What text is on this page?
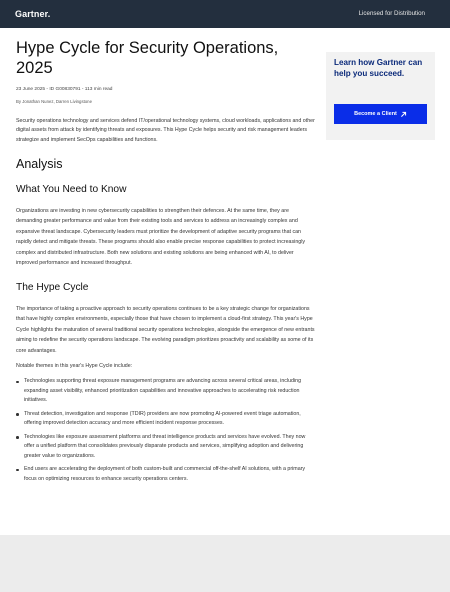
Gartner.	Licensed for Distribution
Hype Cycle for Security Operations, 2025
23 June 2025 - ID G00830791 - 113 min read
By Jonathan Nunez, Darren Livingstone

Security operations technology and services defend IT/operational technology systems, cloud workloads, applications and other digital assets from attack by identifying threats and exposures. This Hype Cycle helps security and risk management leaders strategize and implement SecOps capabilities and functions.

Analysis
What You Need to Know

Organizations are investing in new cybersecurity capabilities to strengthen their defences. At the same time, they are demanding greater performance and value from their existing tools and services to address an increasingly complex and expansive threat landscape. Cybersecurity leaders must prioritize the development of adaptive security programs that can rapidly detect and mitigate threats. These programs should also enable precise response capabilities to protect increasingly complex and distributed infrastructure. Both new solutions and existing solutions are being enhanced with AI, to deliver improved performance and increased throughput.

The Hype Cycle

The importance of taking a proactive approach to security operations continues to be a key strategic change for organizations that have highly complex environments, especially those that have chosen to implement a cloud-first strategy. This year's Hype Cycle highlights the maturation of several traditional security operations technologies, alongside the emergence of new entrants aiming to redefine the security operations landscape. The evolving paradigm prioritizes proactivity and scalability as some of its core advantages.

Notable themes in this year's Hype Cycle include:
Technologies supporting threat exposure management programs are advancing across several critical areas, including expanding asset visibility, enhanced prioritization capabilities and innovative approaches to accelerating risk reduction initiatives.
Threat detection, investigation and response (TDIR) providers are now promoting AI-powered event triage automation, offering improved detection accuracy and more efficient incident response processes.
Technologies like exposure assessment platforms and threat intelligence products and services have evolved. They now offer a unified platform that consolidates previously disparate products and services, simplifying adoption and delivering greater value to organizations.
End users are accelerating the deployment of both custom-built and commercial off-the-shelf AI solutions, with a primary focus on optimizing resources to enhance security operations centers.
Learn how Gartner can help you succeed.
Become a Client
